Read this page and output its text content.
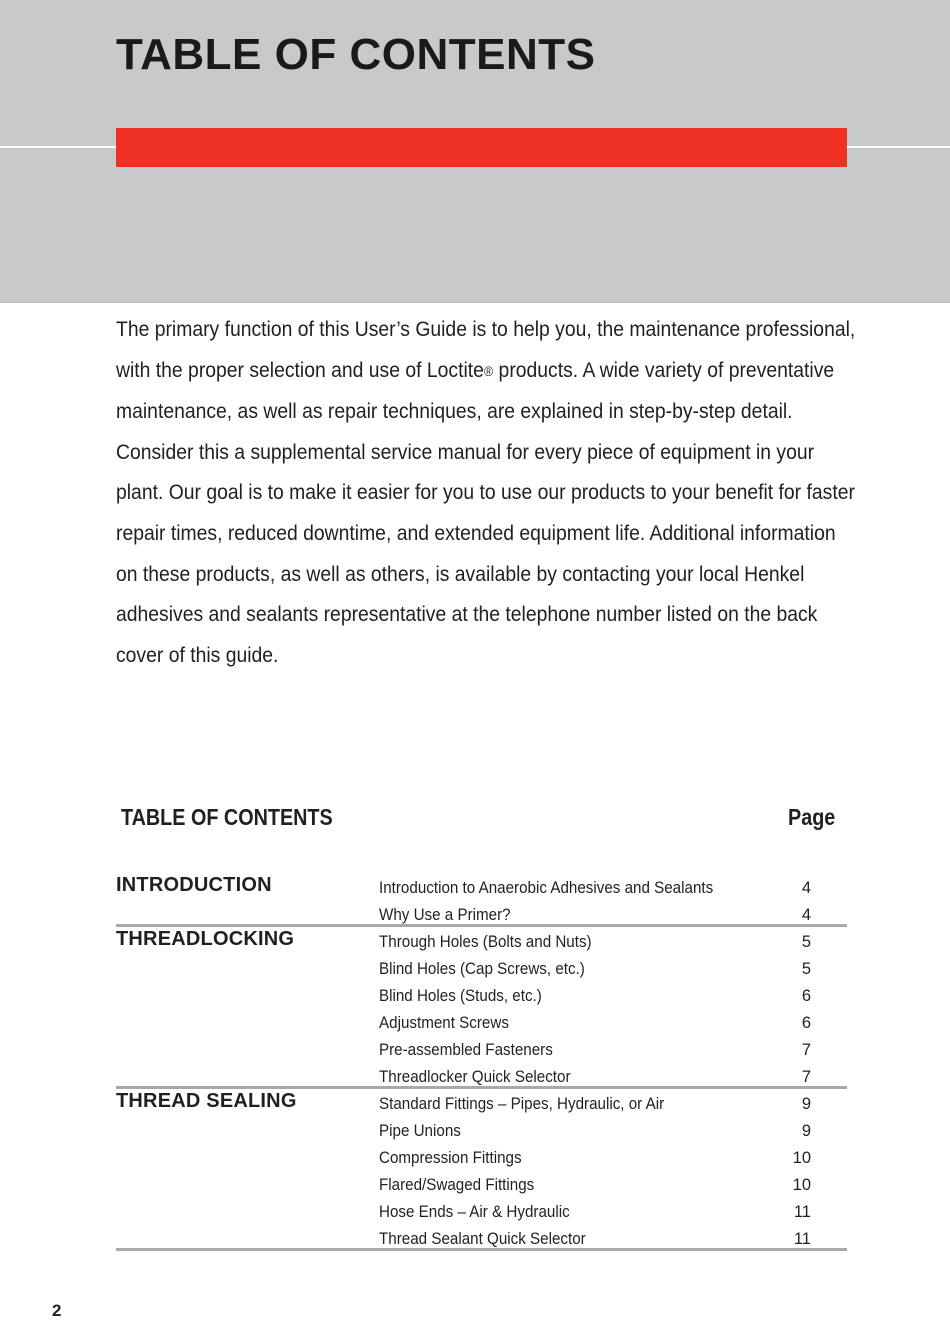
TABLE OF CONTENTS

The primary function of this User’s Guide is to help you, the maintenance professional, with the proper selection and use of Loctite® products. A wide variety of preventative maintenance, as well as repair techniques, are explained in step-by-step detail. Consider this a supplemental service manual for every piece of equipment in your plant. Our goal is to make it easier for you to use our products to your benefit for faster repair times, reduced downtime, and extended equipment life. Additional information on these products, as well as others, is available by contacting your local Henkel adhesives and sealants representative at the telephone number listed on the back cover of this guide.

TABLE OF CONTENTS	Page
INTRODUCTION	Introduction to Anaerobic Adhesives and Sealants	4
Why Use a Primer?	4
THREADLOCKING	Through Holes (Bolts and Nuts)	5
Blind Holes (Cap Screws, etc.)	5
Blind Holes (Studs, etc.)	6
Adjustment Screws	6
Pre-assembled Fasteners	7
Threadlocker Quick Selector	7
THREAD SEALING	Standard Fittings – Pipes, Hydraulic, or Air	9
Pipe Unions	9
Compression Fittings	10
Flared/Swaged Fittings	10
Hose Ends – Air & Hydraulic	11
Thread Sealant Quick Selector	11
2
